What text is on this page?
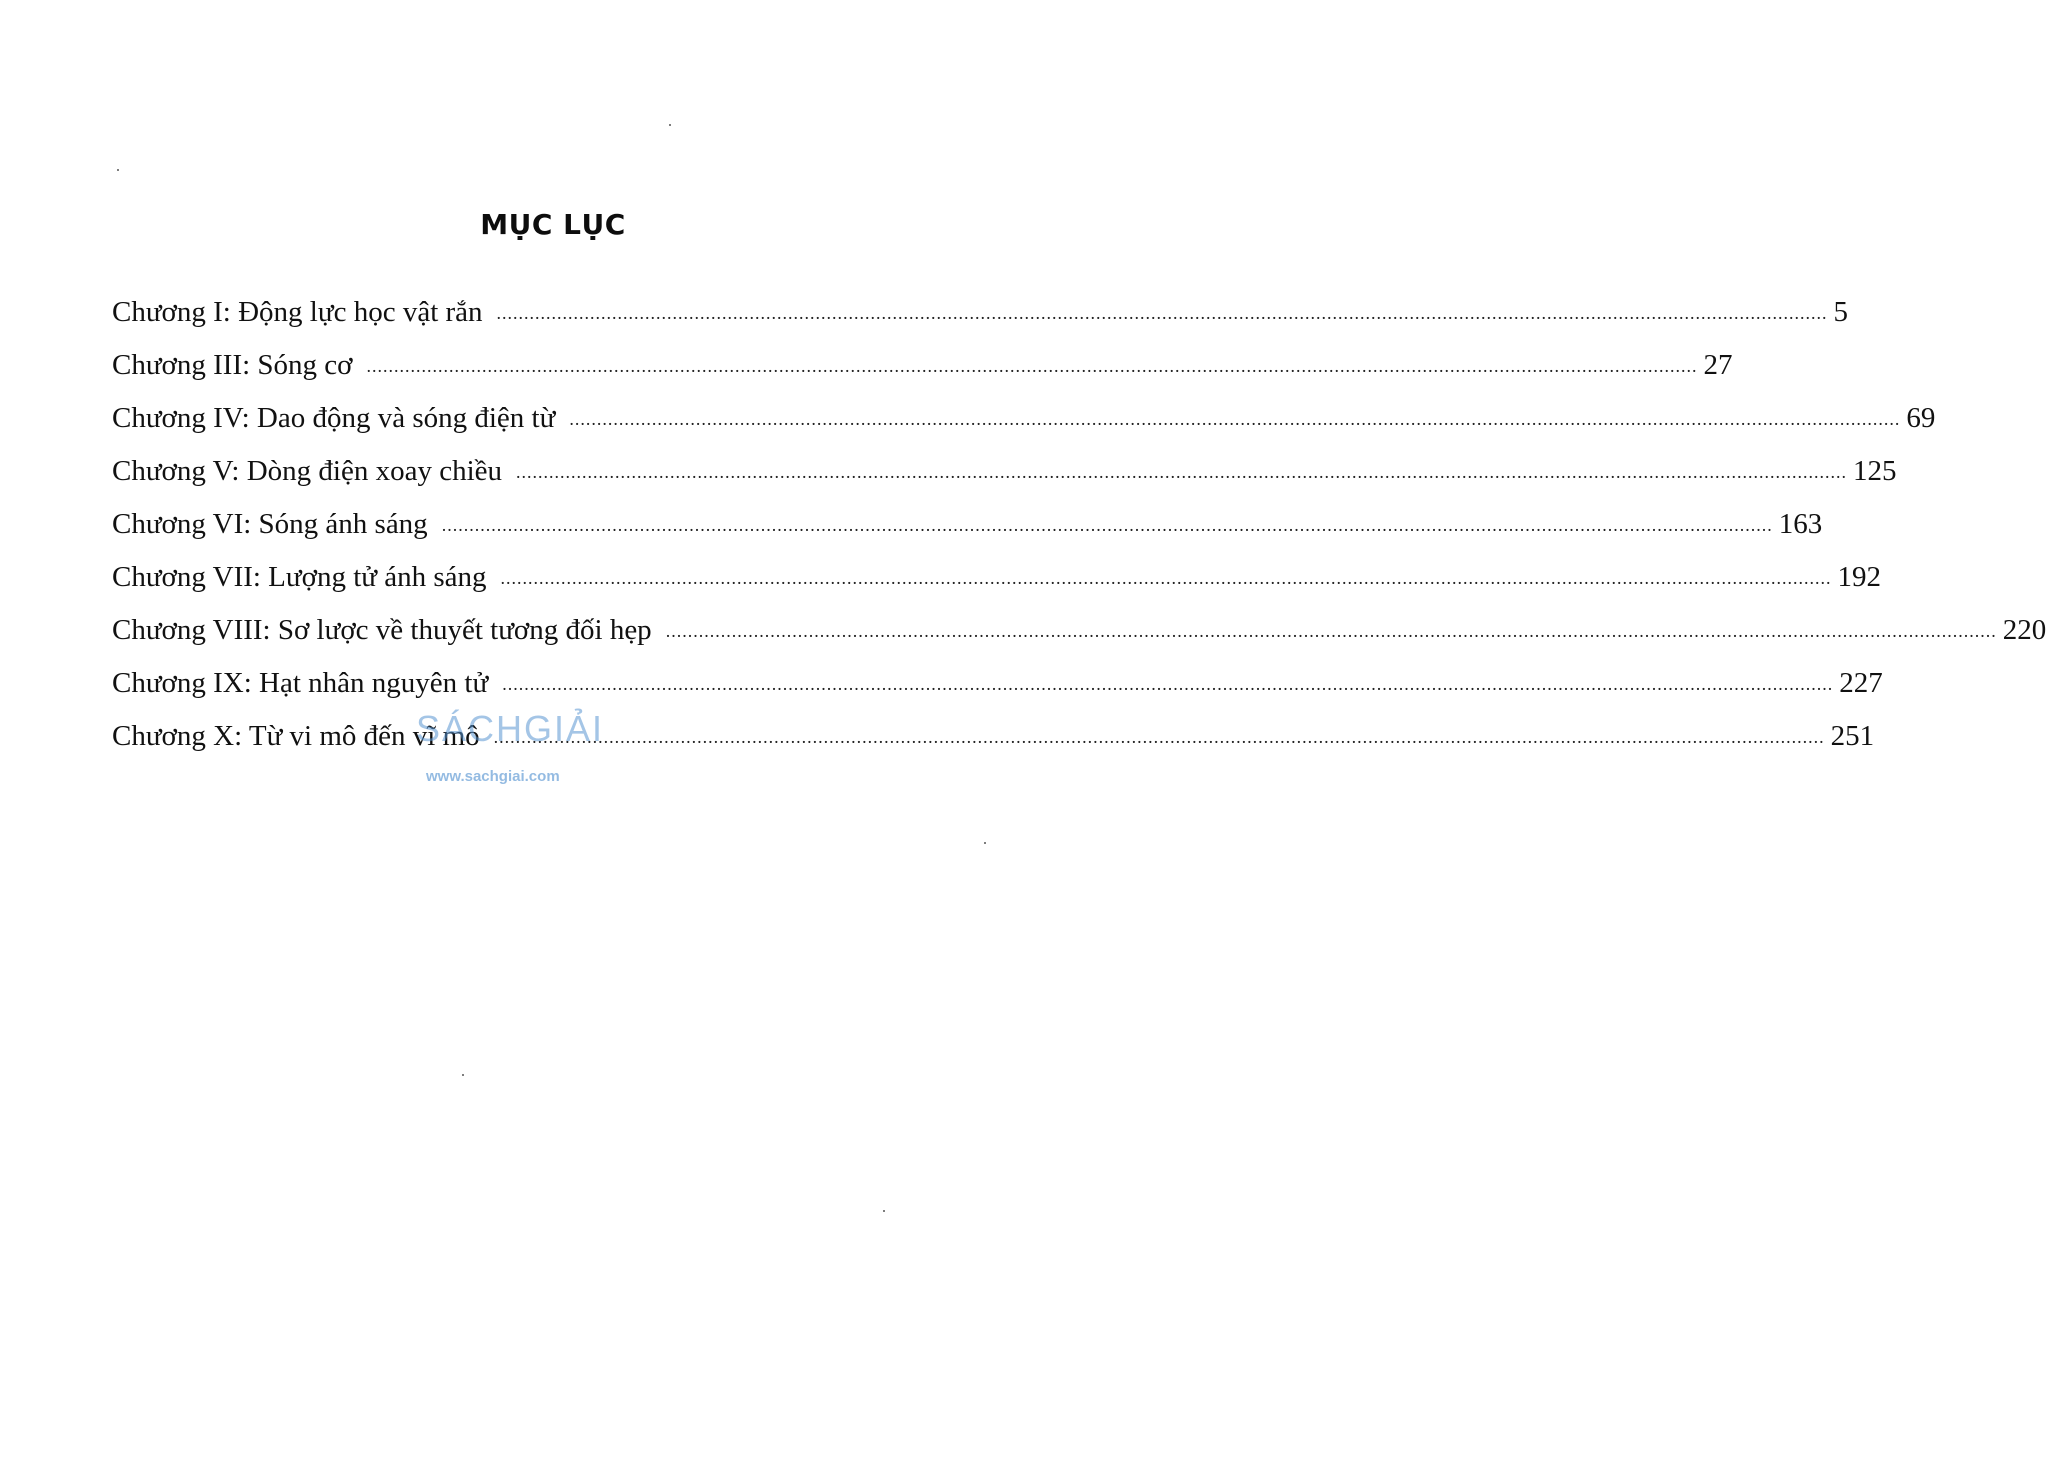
MỤC LỤC
Chương I: Động lực học vật rắn .....	5
Chương III: Sóng cơ .....	27
Chương IV: Dao động và sóng điện từ .....	69
Chương V: Dòng điện xoay chiều .....	125
Chương VI: Sóng ánh sáng .....	163
Chương VII: Lượng tử ánh sáng .....	192
Chương VIII: Sơ lược về thuyết tương đối hẹp .....	220
Chương IX: Hạt nhân nguyên tử .....	227
Chương X: Từ vi mô đến vĩ mô .....	251
SÁCHGIẢI
www.sachgiai.com
